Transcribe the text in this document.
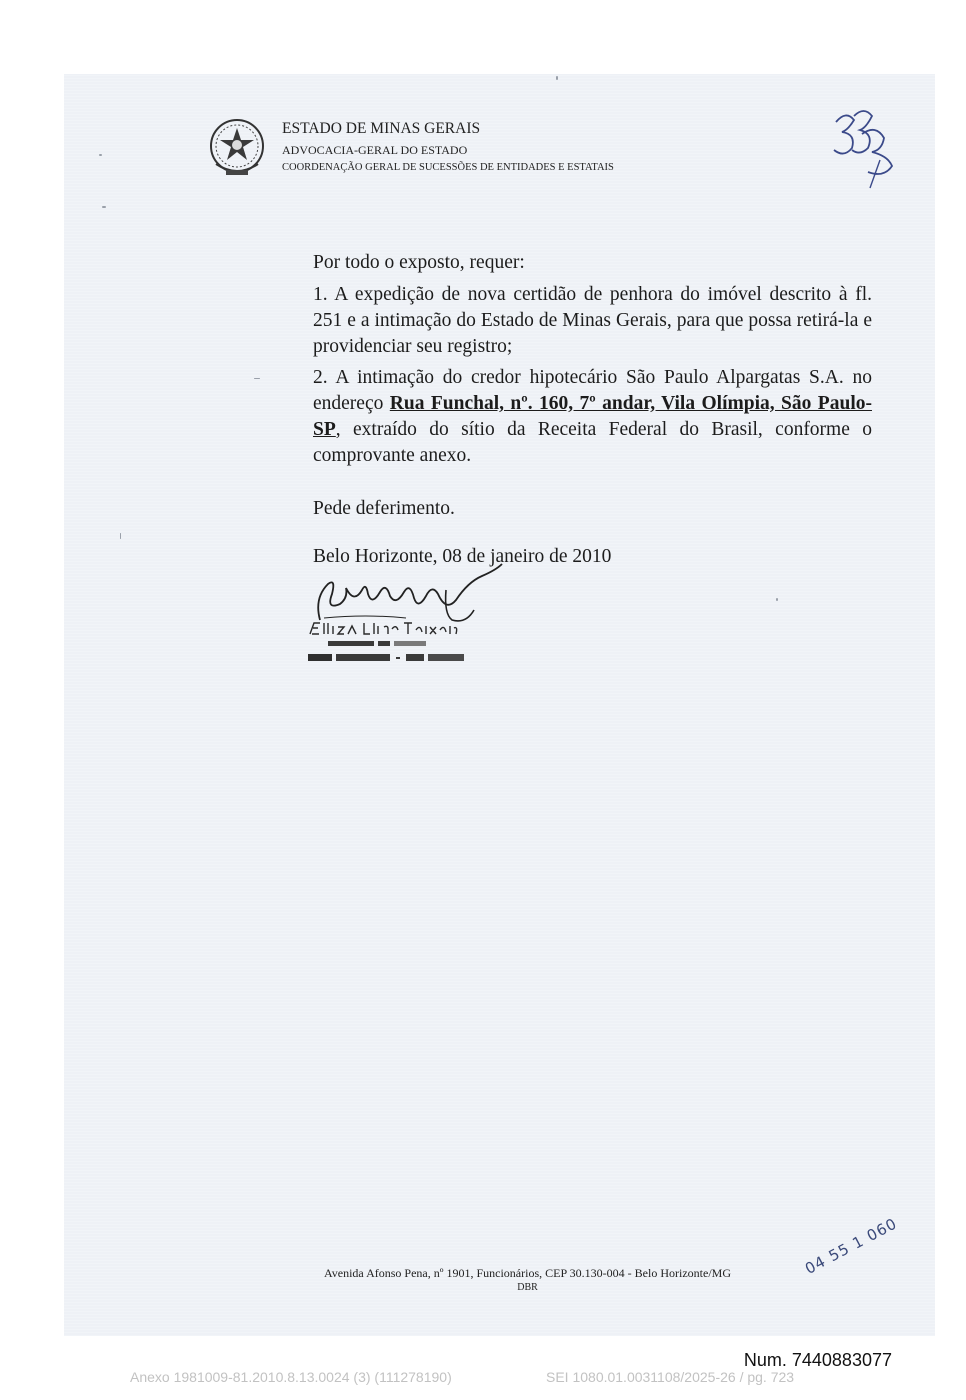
ESTADO DE MINAS GERAIS
ADVOCACIA-GERAL DO ESTADO
COORDENAÇÃO GERAL DE SUCESSÕES DE ENTIDADES E ESTATAIS
Por todo o exposto, requer:
1. A expedição de nova certidão de penhora do imóvel descrito à fl. 251 e a intimação do Estado de Minas Gerais, para que possa retirá-la e providenciar seu registro;
2. A intimação do credor hipotecário São Paulo Alpargatas S.A. no endereço Rua Funchal, nº. 160, 7º andar, Vila Olímpia, São Paulo-SP, extraído do sítio da Receita Federal do Brasil, conforme o comprovante anexo.
Pede deferimento.
Belo Horizonte, 08 de janeiro de 2010
Avenida Afonso Pena, nº 1901, Funcionários, CEP 30.130-004 - Belo Horizonte/MG
DBR
04 55 1 060
Num. 7440883077
Anexo 1981009-81.2010.8.13.0024 (3) (111278190)	SEI 1080.01.0031108/2025-26 / pg. 723
